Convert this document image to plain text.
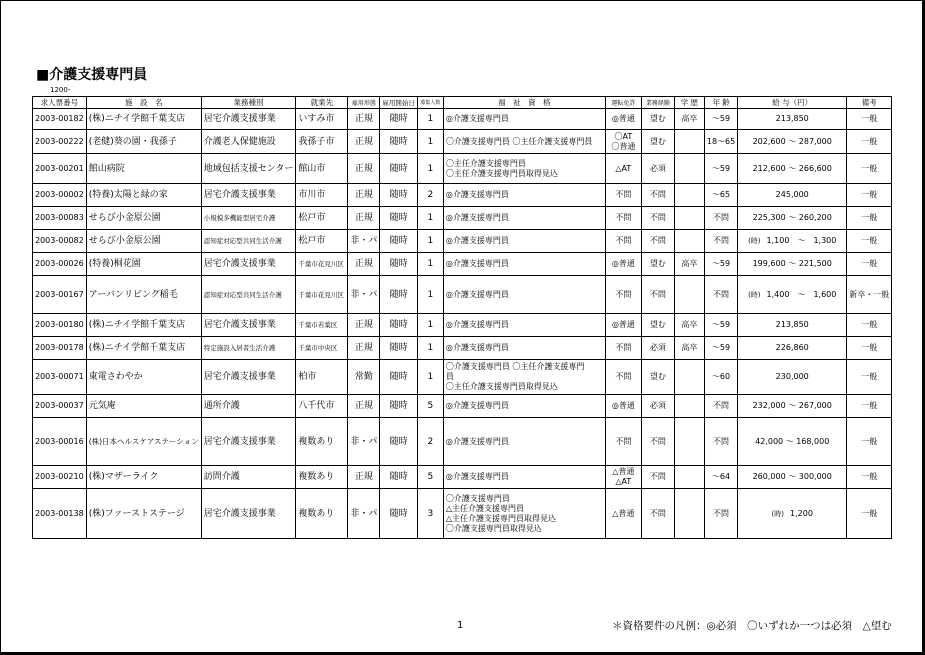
■介護支援専門員
1200-
求人票番号	施　設　名	業務種別	就業先	雇用形態	雇用開始日	募集人数	福　祉　資　格	運転免許	業務経験	学 歴	年 齢	給 与（円）	備考
2003-00182	(株)ニチイ学館千葉支店	居宅介護支援事業	いすみ市	正規	随時	1	◎介護支援専門員	◎普通	望む	高卒	～59	213,850	一般
2003-00222	(老健)葵の園・我孫子	介護老人保健施設	我孫子市	正規	随時	1	〇介護支援専門員 〇主任介護支援専門員	〇AT
〇普通	望む		18～65	202,600 ～ 287,000	一般
2003-00201	館山病院	地域包括支援センター	館山市	正規	随時	1	〇主任介護支援専門員
〇主任介護支援専門員取得見込	△AT	必須		～59	212,600 ～ 266,600	一般
2003-00002	(特養)太陽と緑の家	居宅介護支援事業	市川市	正規	随時	2	◎介護支援専門員	不問	不問		～65	245,000	一般
2003-00083	せらび小金原公園	小規模多機能型居宅介護	松戸市	正規	随時	1	◎介護支援専門員	不問	不問		不問	225,300 ～ 260,200	一般
2003-00082	せらび小金原公園	認知症対応型共同生活介護	松戸市	非・パ	随時	1	◎介護支援専門員	不問	不問		不問	(時) 1,100　～　1,300	一般
2003-00026	(特養)桐花園	居宅介護支援事業	千葉市花見川区	正規	随時	1	◎介護支援専門員	◎普通	望む	高卒	～59	199,600 ～ 221,500	一般
2003-00167	アーバンリビング稲毛	認知症対応型共同生活介護	千葉市花見川区	非・パ	随時	1	◎介護支援専門員	不問	不問		不問	(時) 1,400　～　1,600	新卒・一般
2003-00180	(株)ニチイ学館千葉支店	居宅介護支援事業	千葉市若葉区	正規	随時	1	◎介護支援専門員	◎普通	望む	高卒	～59	213,850	一般
2003-00178	(株)ニチイ学館千葉支店	特定施設入居者生活介護	千葉市中央区	正規	随時	1	◎介護支援専門員	不問	必須	高卒	～59	226,860	一般
2003-00071	東電さわやか	居宅介護支援事業	柏市	常勤	随時	1	〇介護支援専門員 〇主任介護支援専門
員
〇主任介護支援専門員取得見込	不問	望む		～60	230,000	一般
2003-00037	元気庵	通所介護	八千代市	正規	随時	5	◎介護支援専門員	◎普通	必須		不問	232,000 ～ 267,000	一般
2003-00016	(株)日本ヘルスケアステーション	居宅介護支援事業	複数あり	非・パ	随時	2	◎介護支援専門員	不問	不問		不問	42,000 ～ 168,000	一般
2003-00210	(株)マザーライク	訪問介護	複数あり	正規	随時	5	◎介護支援専門員	△普通
△AT	不問		～64	260,000 ～ 300,000	一般
2003-00138	(株)ファーストステージ	居宅介護支援事業	複数あり	非・パ	随時	3	〇介護支援専門員
△主任介護支援専門員
△主任介護支援専門員取得見込
〇介護支援専門員取得見込	△普通	不問		不問	(時) 1,200	一般
1	＊資格要件の凡例：◎必須　〇いずれか一つは必須　△望む
